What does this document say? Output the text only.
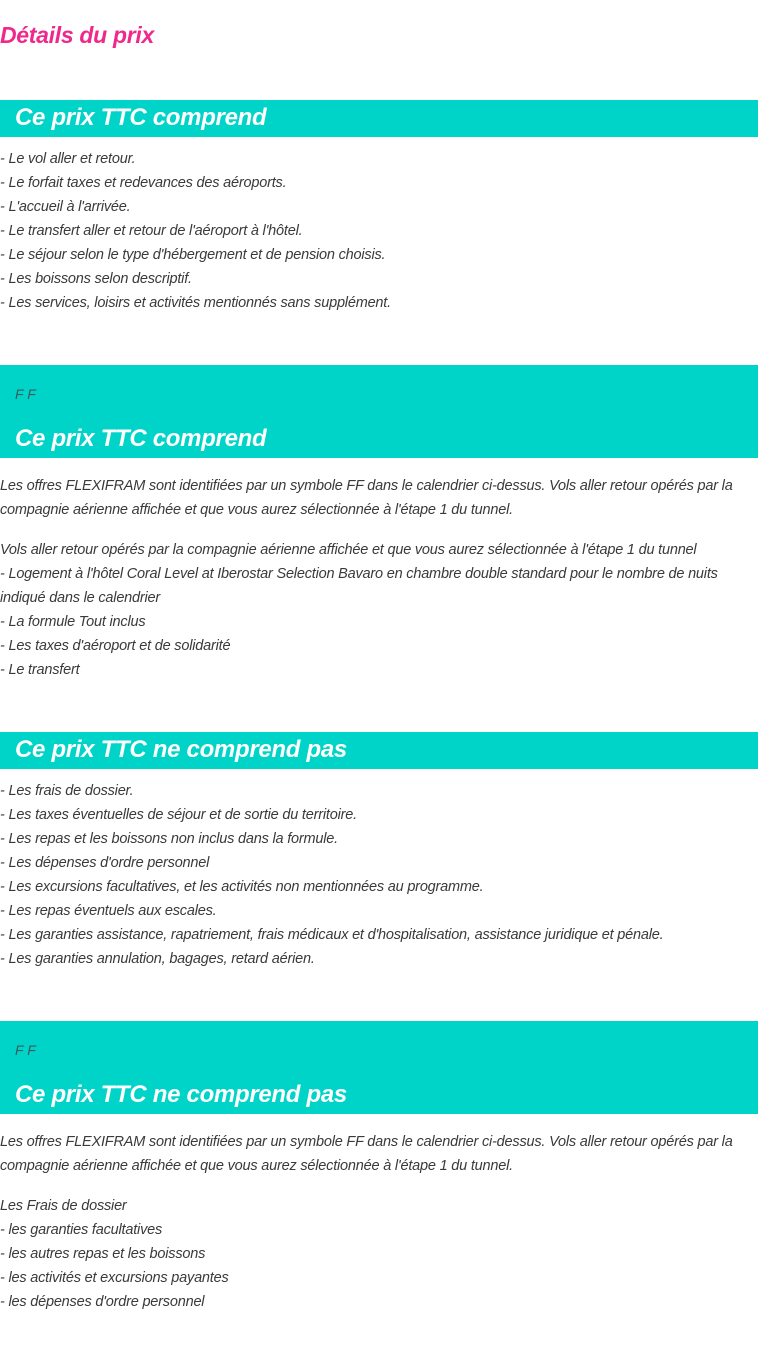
Détails du prix
Ce prix TTC comprend
- Le vol aller et retour.
- Le forfait taxes et redevances des aéroports.
- L'accueil à l'arrivée.
- Le transfert aller et retour de l'aéroport à l'hôtel.
- Le séjour selon le type d'hébergement et de pension choisis.
- Les boissons selon descriptif.
- Les services, loisirs et activités mentionnés sans supplément.
F F
Ce prix TTC comprend
Les offres FLEXIFRAM sont identifiées par un symbole FF dans le calendrier ci-dessus. Vols aller retour opérés par la compagnie aérienne affichée et que vous aurez sélectionnée à l'étape 1 du tunnel.
Vols aller retour opérés par la compagnie aérienne affichée et que vous aurez sélectionnée à l'étape 1 du tunnel
- Logement à l'hôtel Coral Level at Iberostar Selection Bavaro en chambre double standard pour le nombre de nuits indiqué dans le calendrier
- La formule Tout inclus
- Les taxes d'aéroport et de solidarité
- Le transfert
Ce prix TTC ne comprend pas
- Les frais de dossier.
- Les taxes éventuelles de séjour et de sortie du territoire.
- Les repas et les boissons non inclus dans la formule.
- Les dépenses d'ordre personnel
- Les excursions facultatives, et les activités non mentionnées au programme.
- Les repas éventuels aux escales.
- Les garanties assistance, rapatriement, frais médicaux et d'hospitalisation, assistance juridique et pénale.
- Les garanties annulation, bagages, retard aérien.
F F
Ce prix TTC ne comprend pas
Les offres FLEXIFRAM sont identifiées par un symbole FF dans le calendrier ci-dessus. Vols aller retour opérés par la compagnie aérienne affichée et que vous aurez sélectionnée à l'étape 1 du tunnel.
Les Frais de dossier
- les garanties facultatives
- les autres repas et les boissons
- les activités et excursions payantes
- les dépenses d'ordre personnel
